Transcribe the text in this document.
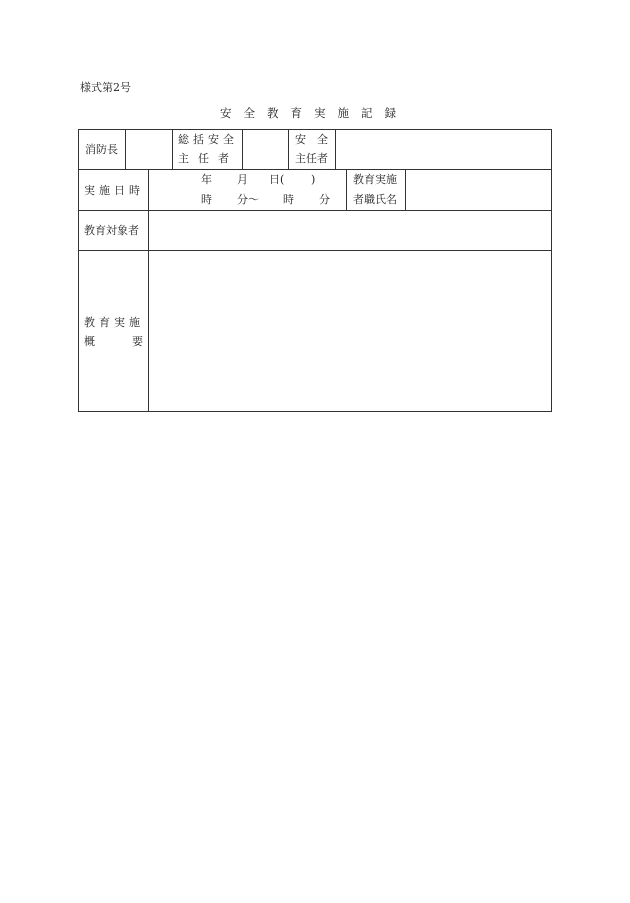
様式第2号
安全教育実施記録
消防長
総括安全
主任者
安　全
主任者
実施日時
年 月 日( )
時 分～ 時 分
教育実施
者職氏名
教育対象者
教育実施
概	要
